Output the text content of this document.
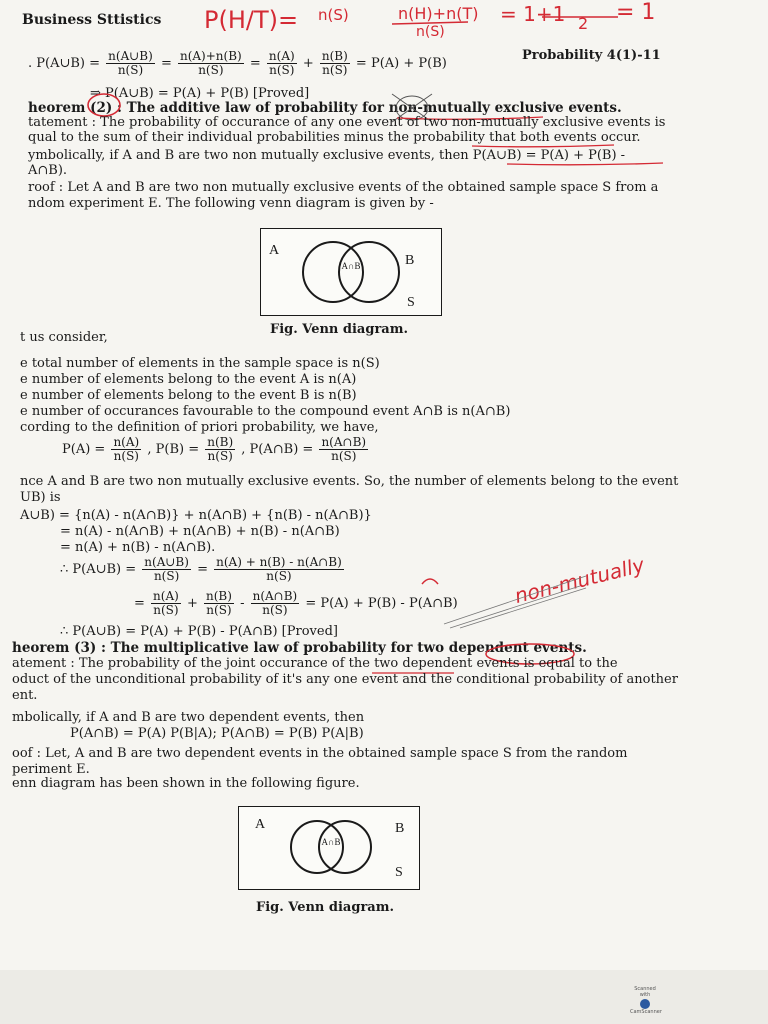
Business Sttistics
Probability 4(1)-11
P(H/T)= n(S)	n(H)+n(T)
n(S)
= 1+1 2 = 1
. P(A∪B) = $\frac{n(A\cup B)}{n(S)} = \frac{n(A)+n(B)}{n(S)} = \frac{n(A)}{n(S)} + \frac{n(B)}{n(S)} = P(A) + P(B)$
⇒ P(A∪B) = P(A) + P(B) [Proved]
heorem (2) : The additive law of probability for non-mutually exclusive events.
tatement : The probability of occurance of any one event of two non-mutually exclusive events is
qual to the sum of their individual probabilities minus the probability that both events occur.
ymbolically, if A and B are two non mutually exclusive events, then P(A∪B) = P(A) + P(B) -
A∩B).
roof : Let A and B are two non mutually exclusive events of the obtained sample space S from a
ndom experiment E. The following venn diagram is given by -
A
B
S
A∩B
Fig. Venn diagram.
t us consider,
e total number of elements in the sample space is n(S)
e number of elements belong to the event A is n(A)
e number of elements belong to the event B is n(B)
e number of occurances favourable to the compound event A∩B is n(A∩B)
cording to the definition of priori probability, we have,
$P(A) = \frac{n(A)}{n(S)}$ , $P(B) = \frac{n(B)}{n(S)}$ , P(A∩B) = $\frac{n(A\cap B)}{n(S)}$
nce A and B are two non mutually exclusive events. So, the number of elements belong to the event
UB) is
A∪B) = {n(A) - n(A∩B)} + n(A∩B) + {n(B) - n(A∩B)}
= n(A) - n(A∩B) + n(A∩B) + n(B) - n(A∩B)
= n(A) + n(B) - n(A∩B).
∴ P(A∪B) = $\frac{n(A\cup B)}{n(S)} = \frac{n(A) + n(B) - n(A\cap B)}{n(S)}$
= $\frac{n(A)}{n(S)} + \frac{n(B)}{n(S)} - \frac{n(A\cap B)}{n(S)} = P(A) + P(B)$ - P(A∩B)
∴ P(A∪B) = P(A) + P(B) - P(A∩B) [Proved]
non-mutually
heorem (3) : The multiplicative law of probability for two dependent events.
atement : The probability of the joint occurance of the two dependent events is equal to the
oduct of the unconditional probability of it's any one event and the conditional probability of another
ent.
mbolically, if A and B are two dependent events, then
P(A∩B) = P(A) P(B|A); P(A∩B) = P(B) P(A|B)
oof : Let, A and B are two dependent events in the obtained sample space S from the random
periment E.
enn diagram has been shown in the following figure.
A	B
S
A∩B
Fig. Venn diagram.
Scanned with
CamScanner
